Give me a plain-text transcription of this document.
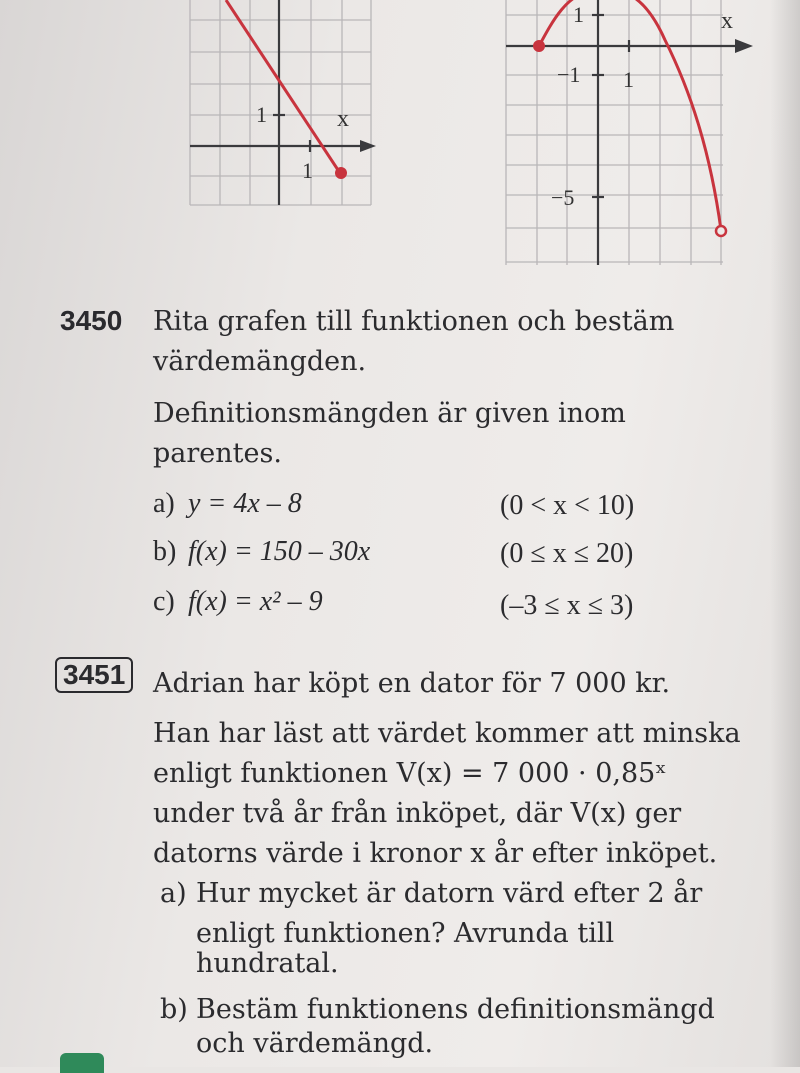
1
1
x
1
−1 1
−5
x
3450 Rita grafen till funktionen och bestäm
värdemängden.
Definitionsmängden är given inom
parentes.
a) y = 4x – 8	(0 < x < 10)
b) f(x) = 150 – 30x	(0 ≤ x ≤ 20)
c) f(x) = x² – 9	(–3 ≤ x ≤ 3)
3451 Adrian har köpt en dator för 7 000 kr.
Han har läst att värdet kommer att minska
enligt funktionen V(x) = 7 000 · 0,85ˣ
under två år från inköpet, där V(x) ger
datorns värde i kronor x år efter inköpet.
a) Hur mycket är datorn värd efter 2 år
enligt funktionen? Avrunda till
hundratal.
b) Bestäm funktionens definitionsmängd
och värdemängd.
